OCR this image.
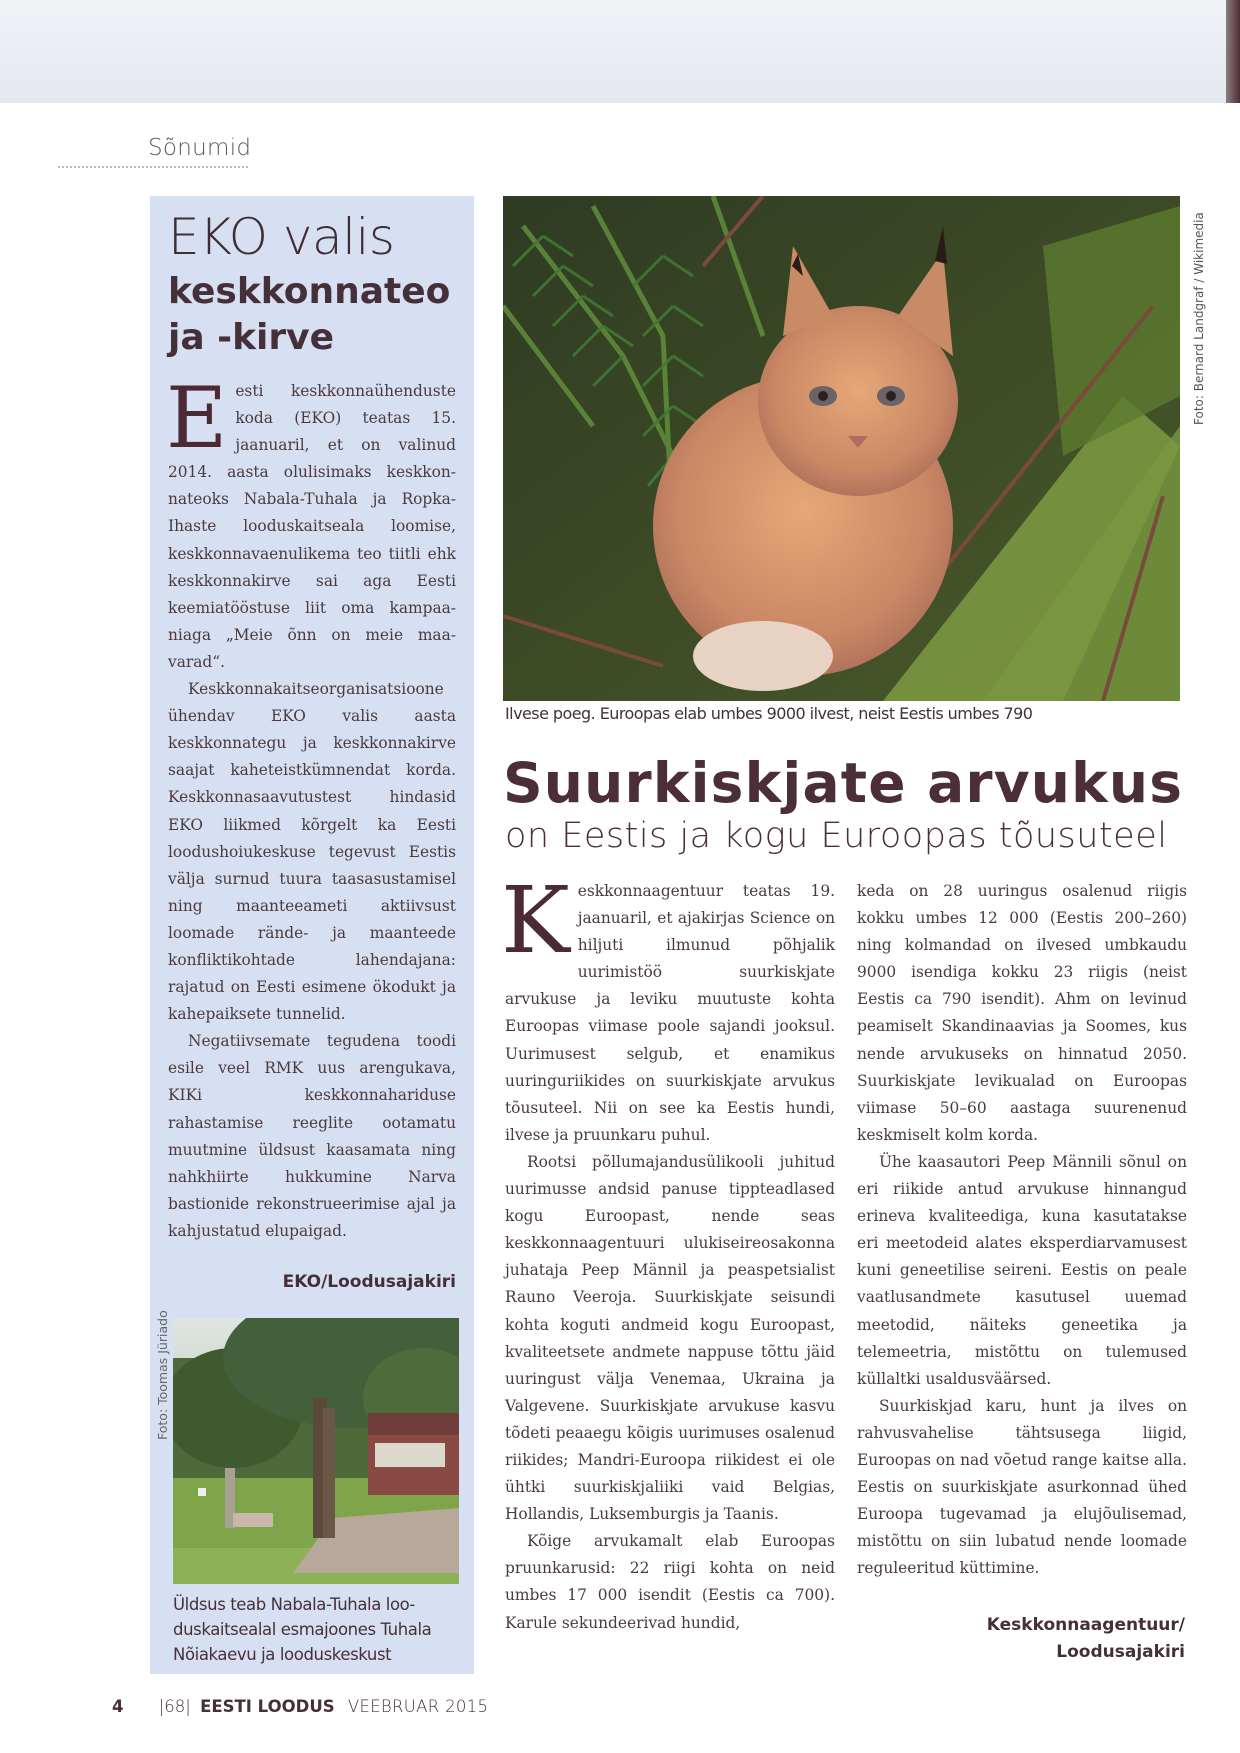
Sõnumid
EKO valis
keskkonnateo
ja -kirve

Eesti keskkonnaühenduste koda (EKO) teatas 15. jaanuaril, et on valinud 2014. aasta olulisimaks keskkonnateoks Nabala-Tuhala ja Ropka-Ihaste looduskaitseala loomise, keskkonnavaenulikema teo tiitli ehk keskkonnakirve sai aga Eesti keemiatööstuse liit oma kampaaniaga „Meie õnn on meie maavarad“.

Keskkonnakaitseorganisatsioone ühendav EKO valis aasta keskkonnategu ja keskkonnakirve saajat kaheteistkümnendat korda. Keskkonnasaavutustest hindasid EKO liikmed kõrgelt ka Eesti loodushoiukeskuse tegevust Eestis välja surnud tuura taasasustamisel ning maanteeameti aktiivsust loomade rände- ja maanteede konfliktikohtade lahendajana: rajatud on Eesti esimene ökodukt ja kahepaiksete tunnelid.

Negatiivsemate tegudena toodi esile veel RMK uus arengukava, KIKi keskkonnahariduse rahastamise reeglite ootamatu muutmine üldsust kaasamata ning nahkhiirte hukkumine Narva bastionide rekonstrueerimise ajal ja kahjustatud elupaigad.

EKO/Loodusajakiri
Foto: Toomas Jüriado
Üldsus teab Nabala-Tuhala looduskaitsealal esmajoones Tuhala Nõiakaevu ja looduskeskust
Foto: Bernard Landgraf / Wikimedia
Ilvese poeg. Euroopas elab umbes 9000 ilvest, neist Eestis umbes 790
Suurkiskjate arvukus
on Eestis ja kogu Euroopas tõusuteel

Keskkonnaagentuur teatas 19. jaanuaril, et ajakirjas Science on hiljuti ilmunud põhjalik uurimistöö suurkiskjate arvukuse ja leviku muutuste kohta Euroopas viimase poole sajandi jooksul. Uurimusest selgub, et enamikus uuringuriikides on suurkiskjate arvukus tõusuteel. Nii on see ka Eestis hundi, ilvese ja pruunkaru puhul.

Rootsi põllumajandusülikooli juhitud uurimusse andsid panuse tippteadlased kogu Euroopast, nende seas keskkonnaagentuuri ulukiseireosakonna juhataja Peep Männil ja peaspetsialist Rauno Veeroja. Suurkiskjate seisundi kohta koguti andmeid kogu Euroopast, kvaliteetsete andmete nappuse tõttu jäid uuringust välja Venemaa, Ukraina ja Valgevene. Suurkiskjate arvukuse kasvu tõdeti peaaegu kõigis uurimuses osalenud riikides; Mandri-Euroopa riikidest ei ole ühtki suurkiskjaliiki vaid Belgias, Hollandis, Luksemburgis ja Taanis.

Kõige arvukamalt elab Euroopas pruunkarusid: 22 riigi kohta on neid umbes 17 000 isendit (Eestis ca 700). Karule sekundeerivad hundid,

keda on 28 uuringus osalenud riigis kokku umbes 12 000 (Eestis 200–260) ning kolmandad on ilvesed umbkaudu 9000 isendiga kokku 23 riigis (neist Eestis ca 790 isendit). Ahm on levinud peamiselt Skandinaavias ja Soomes, kus nende arvukuseks on hinnatud 2050. Suurkiskjate levikualad on Euroopas viimase 50–60 aastaga suurenenud keskmiselt kolm korda.

Ühe kaasautori Peep Männili sõnul on eri riikide antud arvukuse hinnangud erineva kvaliteediga, kuna kasutatakse eri meetodeid alates eksperdiarvamusest kuni geneetilise seireni. Eestis on peale vaatlusandmete kasutusel uuemad meetodid, näiteks geneetika ja telemeetria, mistõttu on tulemused küllaltki usaldusväärsed.

Suurkiskjad karu, hunt ja ilves on rahvusvahelise tähtsusega liigid, Euroopas on nad võetud range kaitse alla. Eestis on suurkiskjate asurkonnad ühed Euroopa tugevamad ja elujõulisemad, mistõttu on siin lubatud nende loomade reguleeritud küttimine.

Keskkonnaagentuur/
Loodusajakiri
4 |68| EESTI LOODUS VEEBRUAR 2015
